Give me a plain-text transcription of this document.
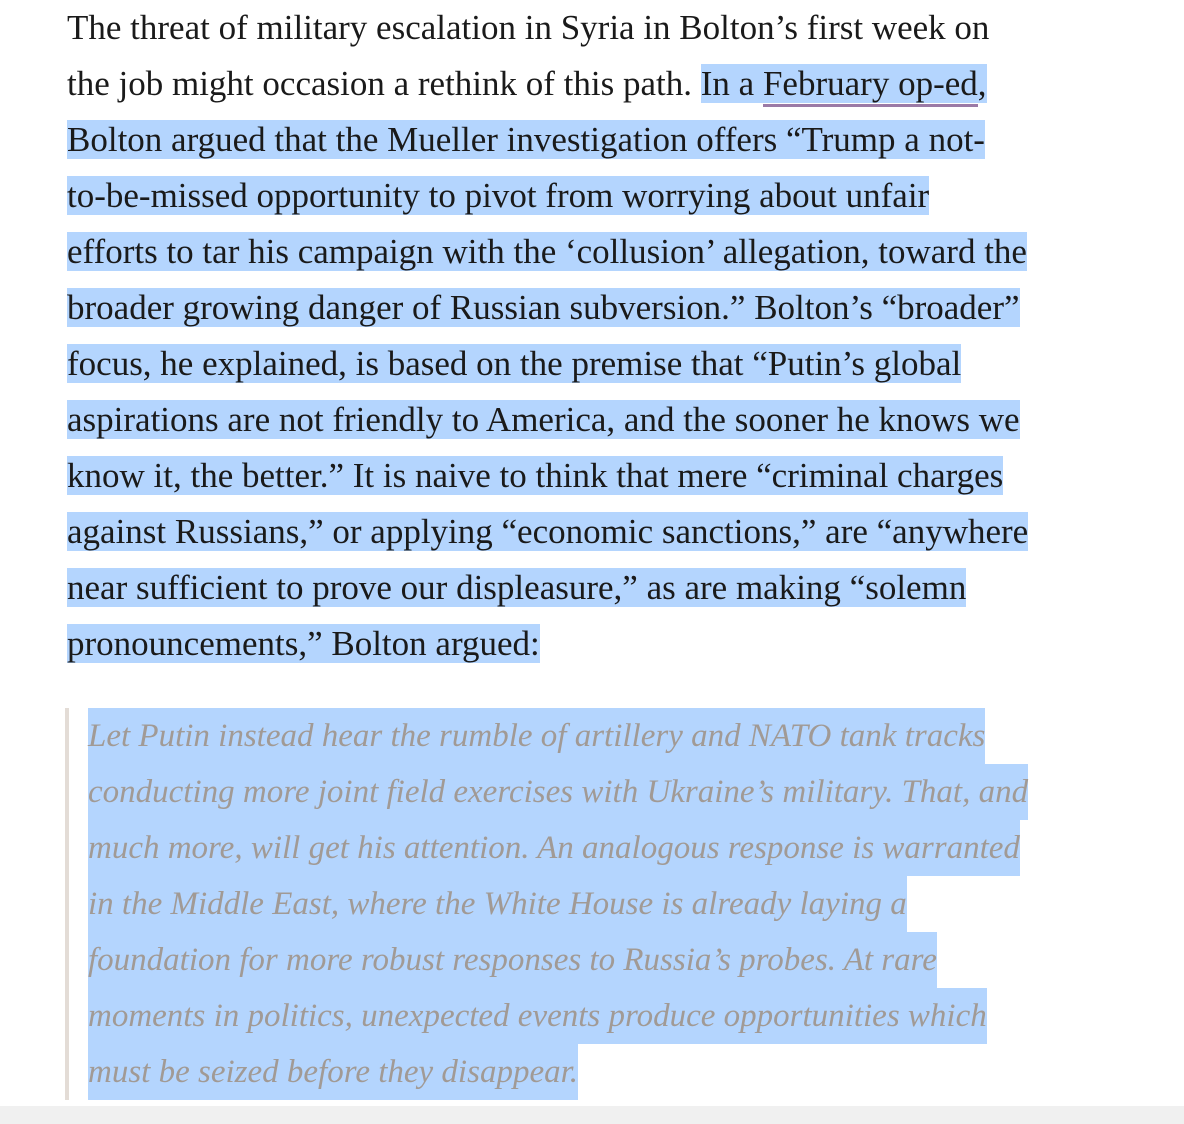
The threat of military escalation in Syria in Bolton’s first week on
the job might occasion a rethink of this path. In a February op-ed,
Bolton argued that the Mueller investigation offers “Trump a not-
to-be-missed opportunity to pivot from worrying about unfair
efforts to tar his campaign with the ‘collusion’ allegation, toward the
broader growing danger of Russian subversion.” Bolton’s “broader”
focus, he explained, is based on the premise that “Putin’s global
aspirations are not friendly to America, and the sooner he knows we
know it, the better.” It is naive to think that mere “criminal charges
against Russians,” or applying “economic sanctions,” are “anywhere
near sufficient to prove our displeasure,” as are making “solemn
pronouncements,” Bolton argued:
Let Putin instead hear the rumble of artillery and NATO tank tracks
conducting more joint field exercises with Ukraine’s military. That, and
much more, will get his attention. An analogous response is warranted
in the Middle East, where the White House is already laying a
foundation for more robust responses to Russia’s probes. At rare
moments in politics, unexpected events produce opportunities which
must be seized before they disappear.
